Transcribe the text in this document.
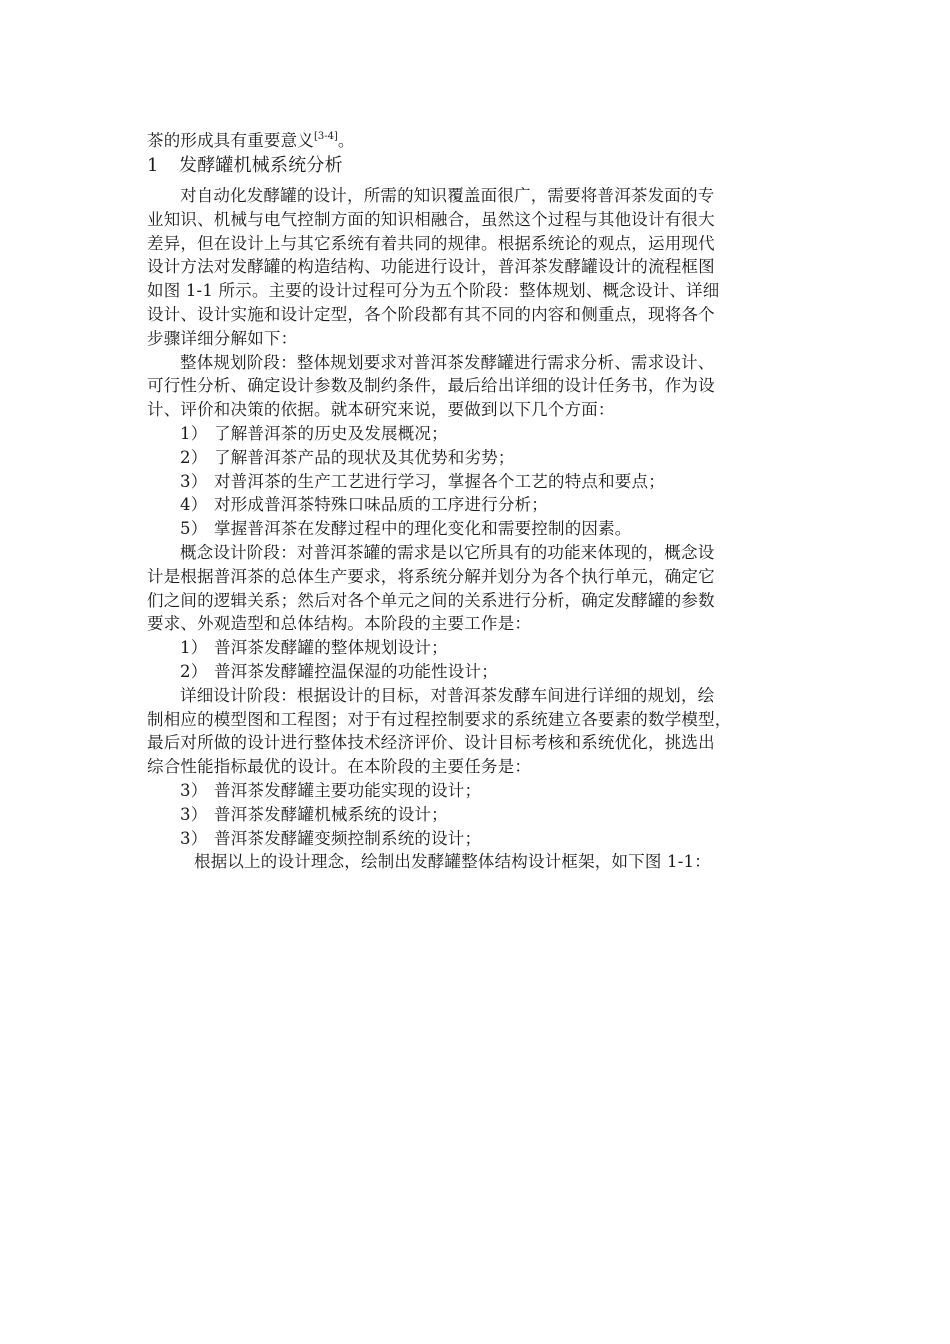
茶的形成具有重要意义[3-4]。
1 发酵罐机械系统分析
对自动化发酵罐的设计，所需的知识覆盖面很广，需要将普洱茶发面的专
业知识、机械与电气控制方面的知识相融合，虽然这个过程与其他设计有很大
差异，但在设计上与其它系统有着共同的规律。根据系统论的观点，运用现代
设计方法对发酵罐的构造结构、功能进行设计，普洱茶发酵罐设计的流程框图
如图 1-1 所示。主要的设计过程可分为五个阶段：整体规划、概念设计、详细
设计、设计实施和设计定型，各个阶段都有其不同的内容和侧重点，现将各个
步骤详细分解如下：
整体规划阶段：整体规划要求对普洱茶发酵罐进行需求分析、需求设计、
可行性分析、确定设计参数及制约条件，最后给出详细的设计任务书，作为设
计、评价和决策的依据。就本研究来说，要做到以下几个方面：
1） 了解普洱茶的历史及发展概况；
2） 了解普洱茶产品的现状及其优势和劣势；
3） 对普洱茶的生产工艺进行学习，掌握各个工艺的特点和要点；
4） 对形成普洱茶特殊口味品质的工序进行分析；
5） 掌握普洱茶在发酵过程中的理化变化和需要控制的因素。
概念设计阶段：对普洱茶罐的需求是以它所具有的功能来体现的，概念设
计是根据普洱茶的总体生产要求，将系统分解并划分为各个执行单元，确定它
们之间的逻辑关系；然后对各个单元之间的关系进行分析，确定发酵罐的参数
要求、外观造型和总体结构。本阶段的主要工作是：
1） 普洱茶发酵罐的整体规划设计；
2） 普洱茶发酵罐控温保湿的功能性设计；
详细设计阶段：根据设计的目标，对普洱茶发酵车间进行详细的规划，绘
制相应的模型图和工程图；对于有过程控制要求的系统建立各要素的数学模型，
最后对所做的设计进行整体技术经济评价、设计目标考核和系统优化，挑选出
综合性能指标最优的设计。在本阶段的主要任务是：
3） 普洱茶发酵罐主要功能实现的设计；
3） 普洱茶发酵罐机械系统的设计；
3） 普洱茶发酵罐变频控制系统的设计；
根据以上的设计理念，绘制出发酵罐整体结构设计框架，如下图 1-1：
